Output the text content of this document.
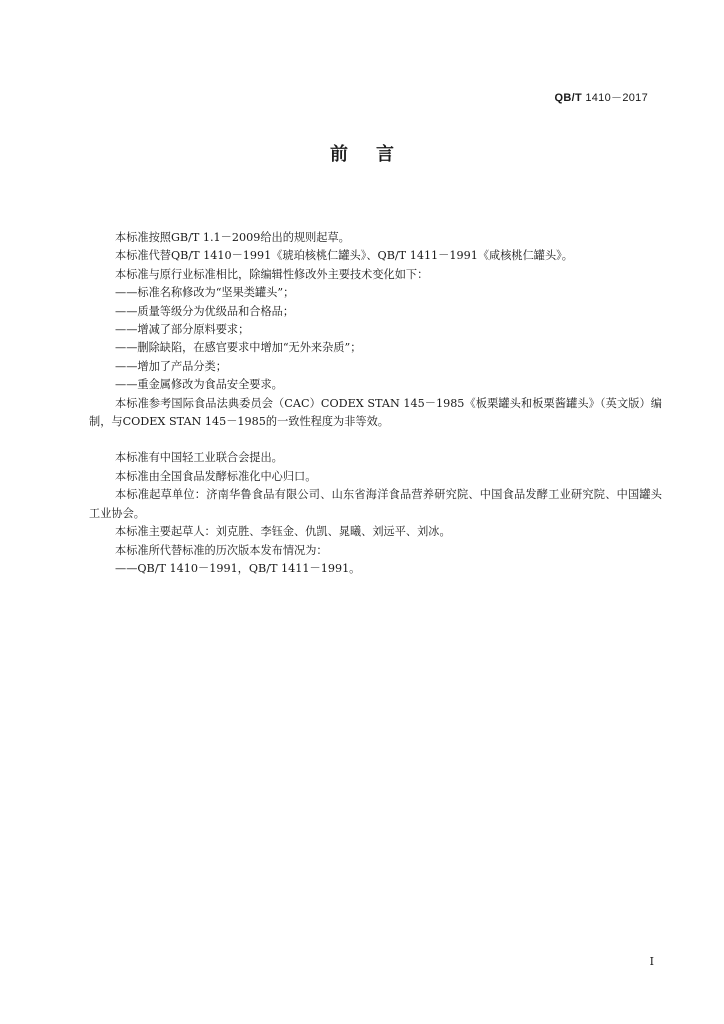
QB/T 1410－2017
前言

本标准按照GB/T 1.1－2009给出的规则起草。

本标准代替QB/T 1410－1991《琥珀核桃仁罐头》、QB/T 1411－1991《咸核桃仁罐头》。

本标准与原行业标准相比，除编辑性修改外主要技术变化如下：

——标准名称修改为“坚果类罐头”；

——质量等级分为优级品和合格品；

——增减了部分原料要求；

——删除缺陷，在感官要求中增加“无外来杂质”；

——增加了产品分类；

——重金属修改为食品安全要求。

本标准参考国际食品法典委员会（CAC）CODEX STAN 145－1985《板栗罐头和板栗酱罐头》（英文版）编制，与CODEX STAN 145－1985的一致性程度为非等效。

本标准有中国轻工业联合会提出。

本标准由全国食品发酵标准化中心归口。

本标准起草单位：济南华鲁食品有限公司、山东省海洋食品营养研究院、中国食品发酵工业研究院、中国罐头工业协会。

本标准主要起草人：刘克胜、李钰金、仇凯、晁曦、刘远平、刘冰。

本标准所代替标准的历次版本发布情况为：

——QB/T 1410－1991，QB/T 1411－1991。

I
